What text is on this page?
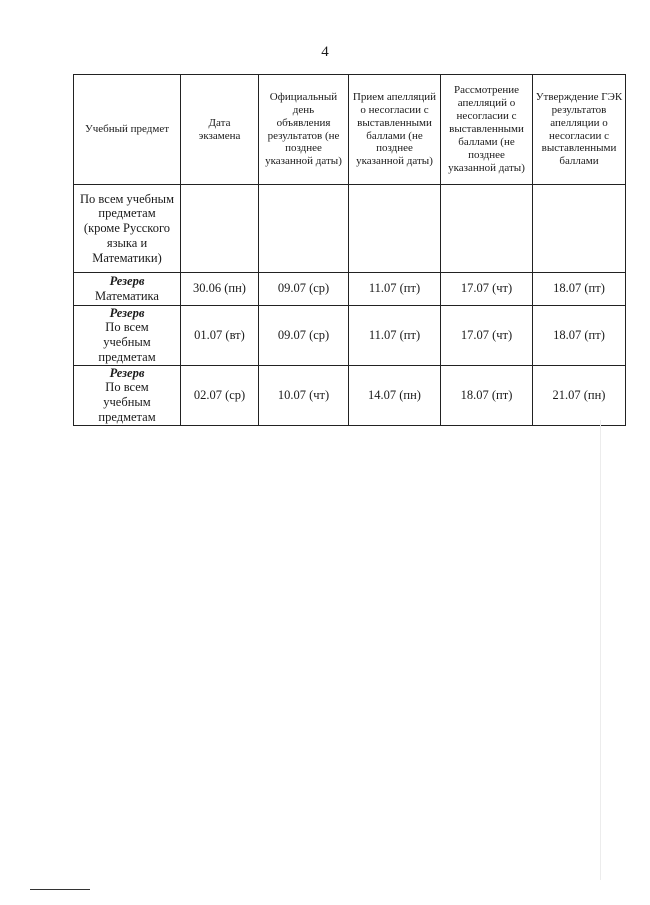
4
Учебный предмет	Дата экзамена	Официальный день объявления результатов (не позднее указанной даты)	Прием апелляций о несогласии с выставленными баллами (не позднее указанной даты)	Рассмотрение апелляций о несогласии с выставленными баллами (не позднее указанной даты)	Утверждение ГЭК результатов апелляции о несогласии с выставленными баллами

По всем учебным предметам (кроме Русского языка и Математики)					

Резерв
Математика	30.06 (пн)	09.07 (ср)	11.07 (пт)	17.07 (чт)	18.07 (пт)

Резерв
По всем учебным предметам	01.07 (вт)	09.07 (ср)	11.07 (пт)	17.07 (чт)	18.07 (пт)

Резерв
По всем учебным предметам	02.07 (ср)	10.07 (чт)	14.07 (пн)	18.07 (пт)	21.07 (пн)
